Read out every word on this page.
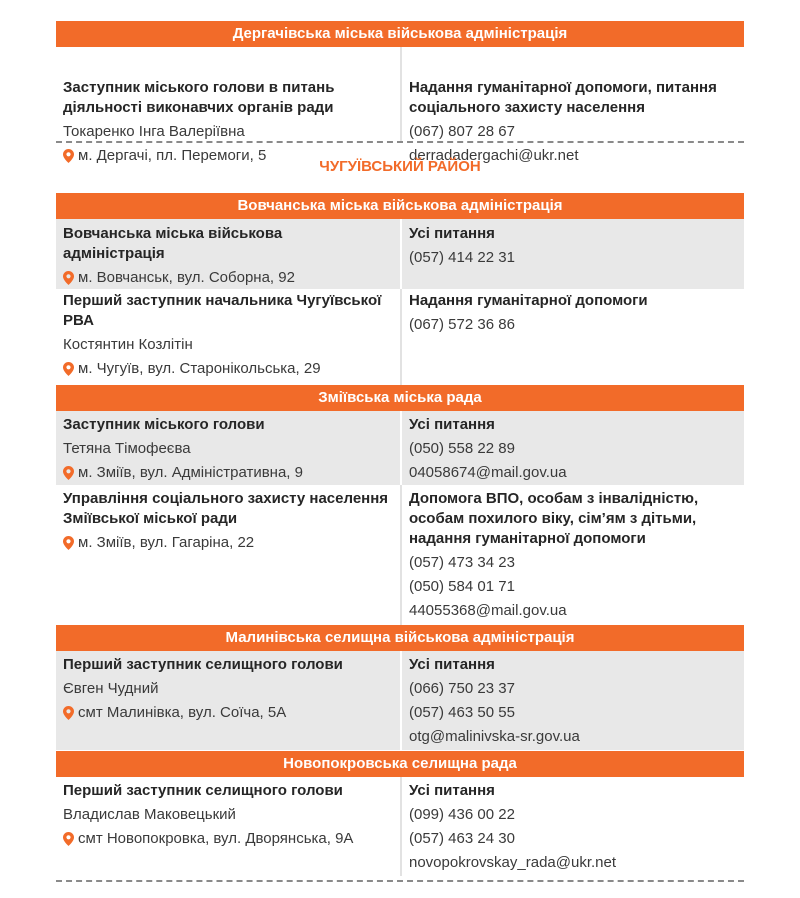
Дергачівська міська військова адміністрація
Заступник міського голови в питань
діяльності виконавчих органів ради
Токаренко Інга Валеріївна
м. Дергачі, пл. Перемоги, 5
Надання гуманітарної допомоги, питання
соціального захисту населення
(067) 807 28 67
derradadergachi@ukr.net
ЧУГУЇВСЬКИЙ РАЙОН
Вовчанська міська військова адміністрація
Вовчанська міська військова
адміністрація
м. Вовчанськ, вул. Соборна, 92
Усі питання
(057) 414 22 31
Перший заступник начальника Чугуївської
РВА
Костянтин Козлітін
м. Чугуїв, вул. Старонікольська, 29
Надання гуманітарної допомоги
(067) 572 36 86
Зміївська міська рада
Заступник міського голови
Тетяна Тімофеєва
м. Зміїв, вул. Адміністративна, 9
Усі питання
(050) 558 22 89
04058674@mail.gov.ua
Управління соціального захисту населення
Зміївської міської ради
м. Зміїв, вул. Гагаріна, 22
Допомога ВПО, особам з інвалідністю,
особам похилого віку, сім’ям з дітьми,
надання гуманітарної допомоги
(057) 473 34 23
(050) 584 01 71
44055368@mail.gov.ua
Малинівська селищна військова адміністрація
Перший заступник селищного голови
Євген Чудний
смт Малинівка, вул. Соїча, 5А
Усі питання
(066) 750 23 37
(057) 463 50 55
otg@malinivska-sr.gov.ua
Новопокровська селищна рада
Перший заступник селищного голови
Владислав Маковецький
смт Новопокровка, вул. Дворянська, 9А
Усі питання
(099) 436 00 22
(057) 463 24 30
novopokrovskay_rada@ukr.net
